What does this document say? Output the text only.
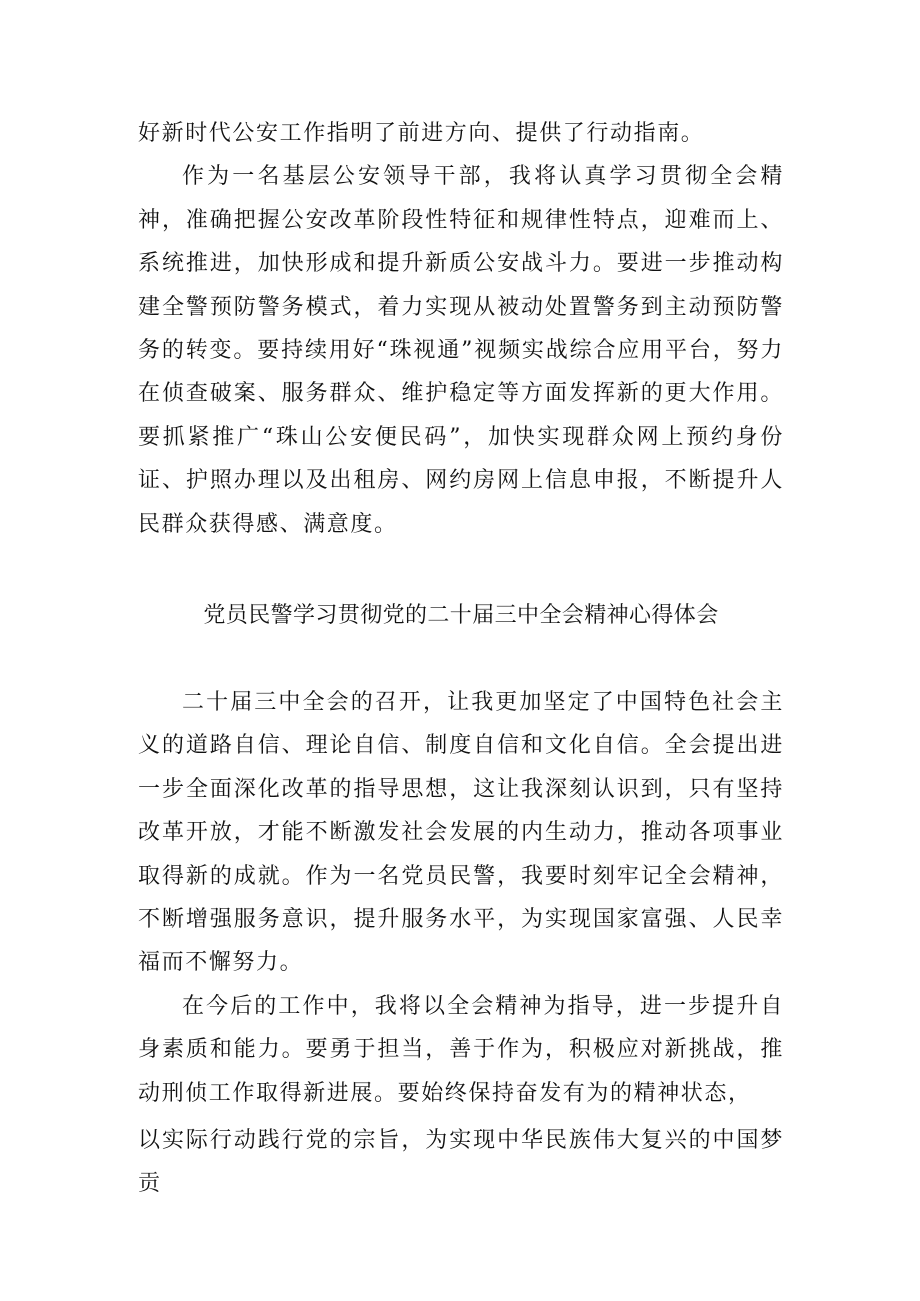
好新时代公安工作指明了前进方向、提供了行动指南。

作为一名基层公安领导干部，我将认真学习贯彻全会精神，准确把握公安改革阶段性特征和规律性特点，迎难而上、系统推进，加快形成和提升新质公安战斗力。要进一步推动构建全警预防警务模式，着力实现从被动处置警务到主动预防警务的转变。要持续用好“珠视通”视频实战综合应用平台，努力在侦查破案、服务群众、维护稳定等方面发挥新的更大作用。要抓紧推广“珠山公安便民码”，加快实现群众网上预约身份证、护照办理以及出租房、网约房网上信息申报，不断提升人民群众获得感、满意度。

党员民警学习贯彻党的二十届三中全会精神心得体会

二十届三中全会的召开，让我更加坚定了中国特色社会主义的道路自信、理论自信、制度自信和文化自信。全会提出进一步全面深化改革的指导思想，这让我深刻认识到，只有坚持改革开放，才能不断激发社会发展的内生动力，推动各项事业取得新的成就。作为一名党员民警，我要时刻牢记全会精神，不断增强服务意识，提升服务水平，为实现国家富强、人民幸福而不懈努力。

在今后的工作中，我将以全会精神为指导，进一步提升自身素质和能力。要勇于担当，善于作为，积极应对新挑战，推动刑侦工作取得新进展。要始终保持奋发有为的精神状态，

以实际行动践行党的宗旨，为实现中华民族伟大复兴的中国梦贡
